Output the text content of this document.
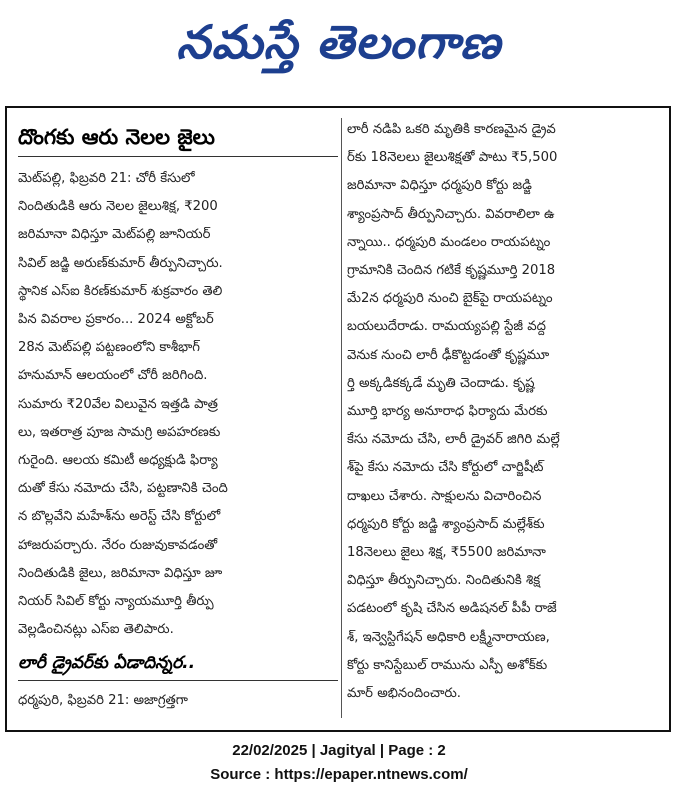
నమస్తే తెలంగాణ
దొంగకు ఆరు నెలల జైలు
మెట్‌పల్లి, ఫిబ్రవరి 21: చోరీ కేసులో
నిందితుడికి ఆరు నెలల జైలుశిక్ష, ₹200
జరిమానా విధిస్తూ మెట్‌పల్లి జూనియర్
సివిల్ జడ్జి అరుణ్‌కుమార్ తీర్పునిచ్చారు.
స్థానిక ఎస్ఐ కిరణ్‌కుమార్ శుక్రవారం తెలి
పిన వివరాల ప్రకారం... 2024 అక్టోబర్
28న మెట్‌పల్లి పట్టణంలోని కాశీభాగ్
హనుమాన్ ఆలయంలో చోరీ జరిగింది.
సుమారు ₹20వేల విలువైన ఇత్తడి పాత్ర
లు, ఇతరాత్ర పూజ సామగ్రి అపహరణకు
గురైంది. ఆలయ కమిటీ అధ్యక్షుడి ఫిర్యా
దుతో కేసు నమోదు చేసి, పట్టణానికి చెంది
న బొల్లవేని మహేశ్‌ను అరెస్ట్ చేసి కోర్టులో
హాజరుపర్చారు. నేరం రుజువుకావడంతో
నిందితుడికి జైలు, జరిమానా విధిస్తూ జూ
నియర్ సివిల్ కోర్టు న్యాయమూర్తి తీర్పు
వెల్లడించినట్లు ఎస్ఐ తెలిపారు.
లారీ డ్రైవర్‌కు ఏడాదిన్నర..
ధర్మపురి, ఫిబ్రవరి 21: అజాగ్రత్తగా
లారీ నడిపి ఒకరి మృతికి కారణమైన డ్రైవ
ర్‌కు 18నెలలు జైలుశిక్షతో పాటు ₹5,500
జరిమానా విధిస్తూ ధర్మపురి కోర్టు జడ్జి
శ్యాంప్రసాద్ తీర్పునిచ్చారు. వివరాలిలా ఉ
న్నాయి.. ధర్మపురి మండలం రాయపట్నం
గ్రామానికి చెందిన గటికే కృష్ణమూర్తి 2018
మే2న ధర్మపురి నుంచి బైక్‌పై రాయపట్నం
బయలుదేరాడు. రామయ్యపల్లి స్టేజీ వద్ద
వెనుక నుంచి లారీ ఢీకొట్టడంతో కృష్ణమూ
ర్తి అక్కడికక్కడే మృతి చెందాడు. కృష్ణ
మూర్తి భార్య అనూరాధ ఫిర్యాదు మేరకు
కేసు నమోదు చేసి, లారీ డ్రైవర్ జిగిరి మల్లే
శ్‌పై కేసు నమోదు చేసి కోర్టులో చార్జిషీట్
దాఖలు చేశారు. సాక్షులను విచారించిన
ధర్మపురి కోర్టు జడ్జి శ్యాంప్రసాద్ మల్లేశ్‌కు
18నెలలు జైలు శిక్ష, ₹5500 జరిమానా
విధిస్తూ తీర్పునిచ్చారు. నిందితునికి శిక్ష
పడటంలో కృషి చేసిన అడిషనల్ పీపీ రాజే
శ్, ఇన్వెస్టిగేషన్ అధికారి లక్ష్మీనారాయణ,
కోర్టు కానిస్టేబుల్ రామును ఎస్పీ అశోక్‌కు
మార్ అభినందించారు.
22/02/2025 | Jagityal | Page : 2
Source : https://epaper.ntnews.com/
